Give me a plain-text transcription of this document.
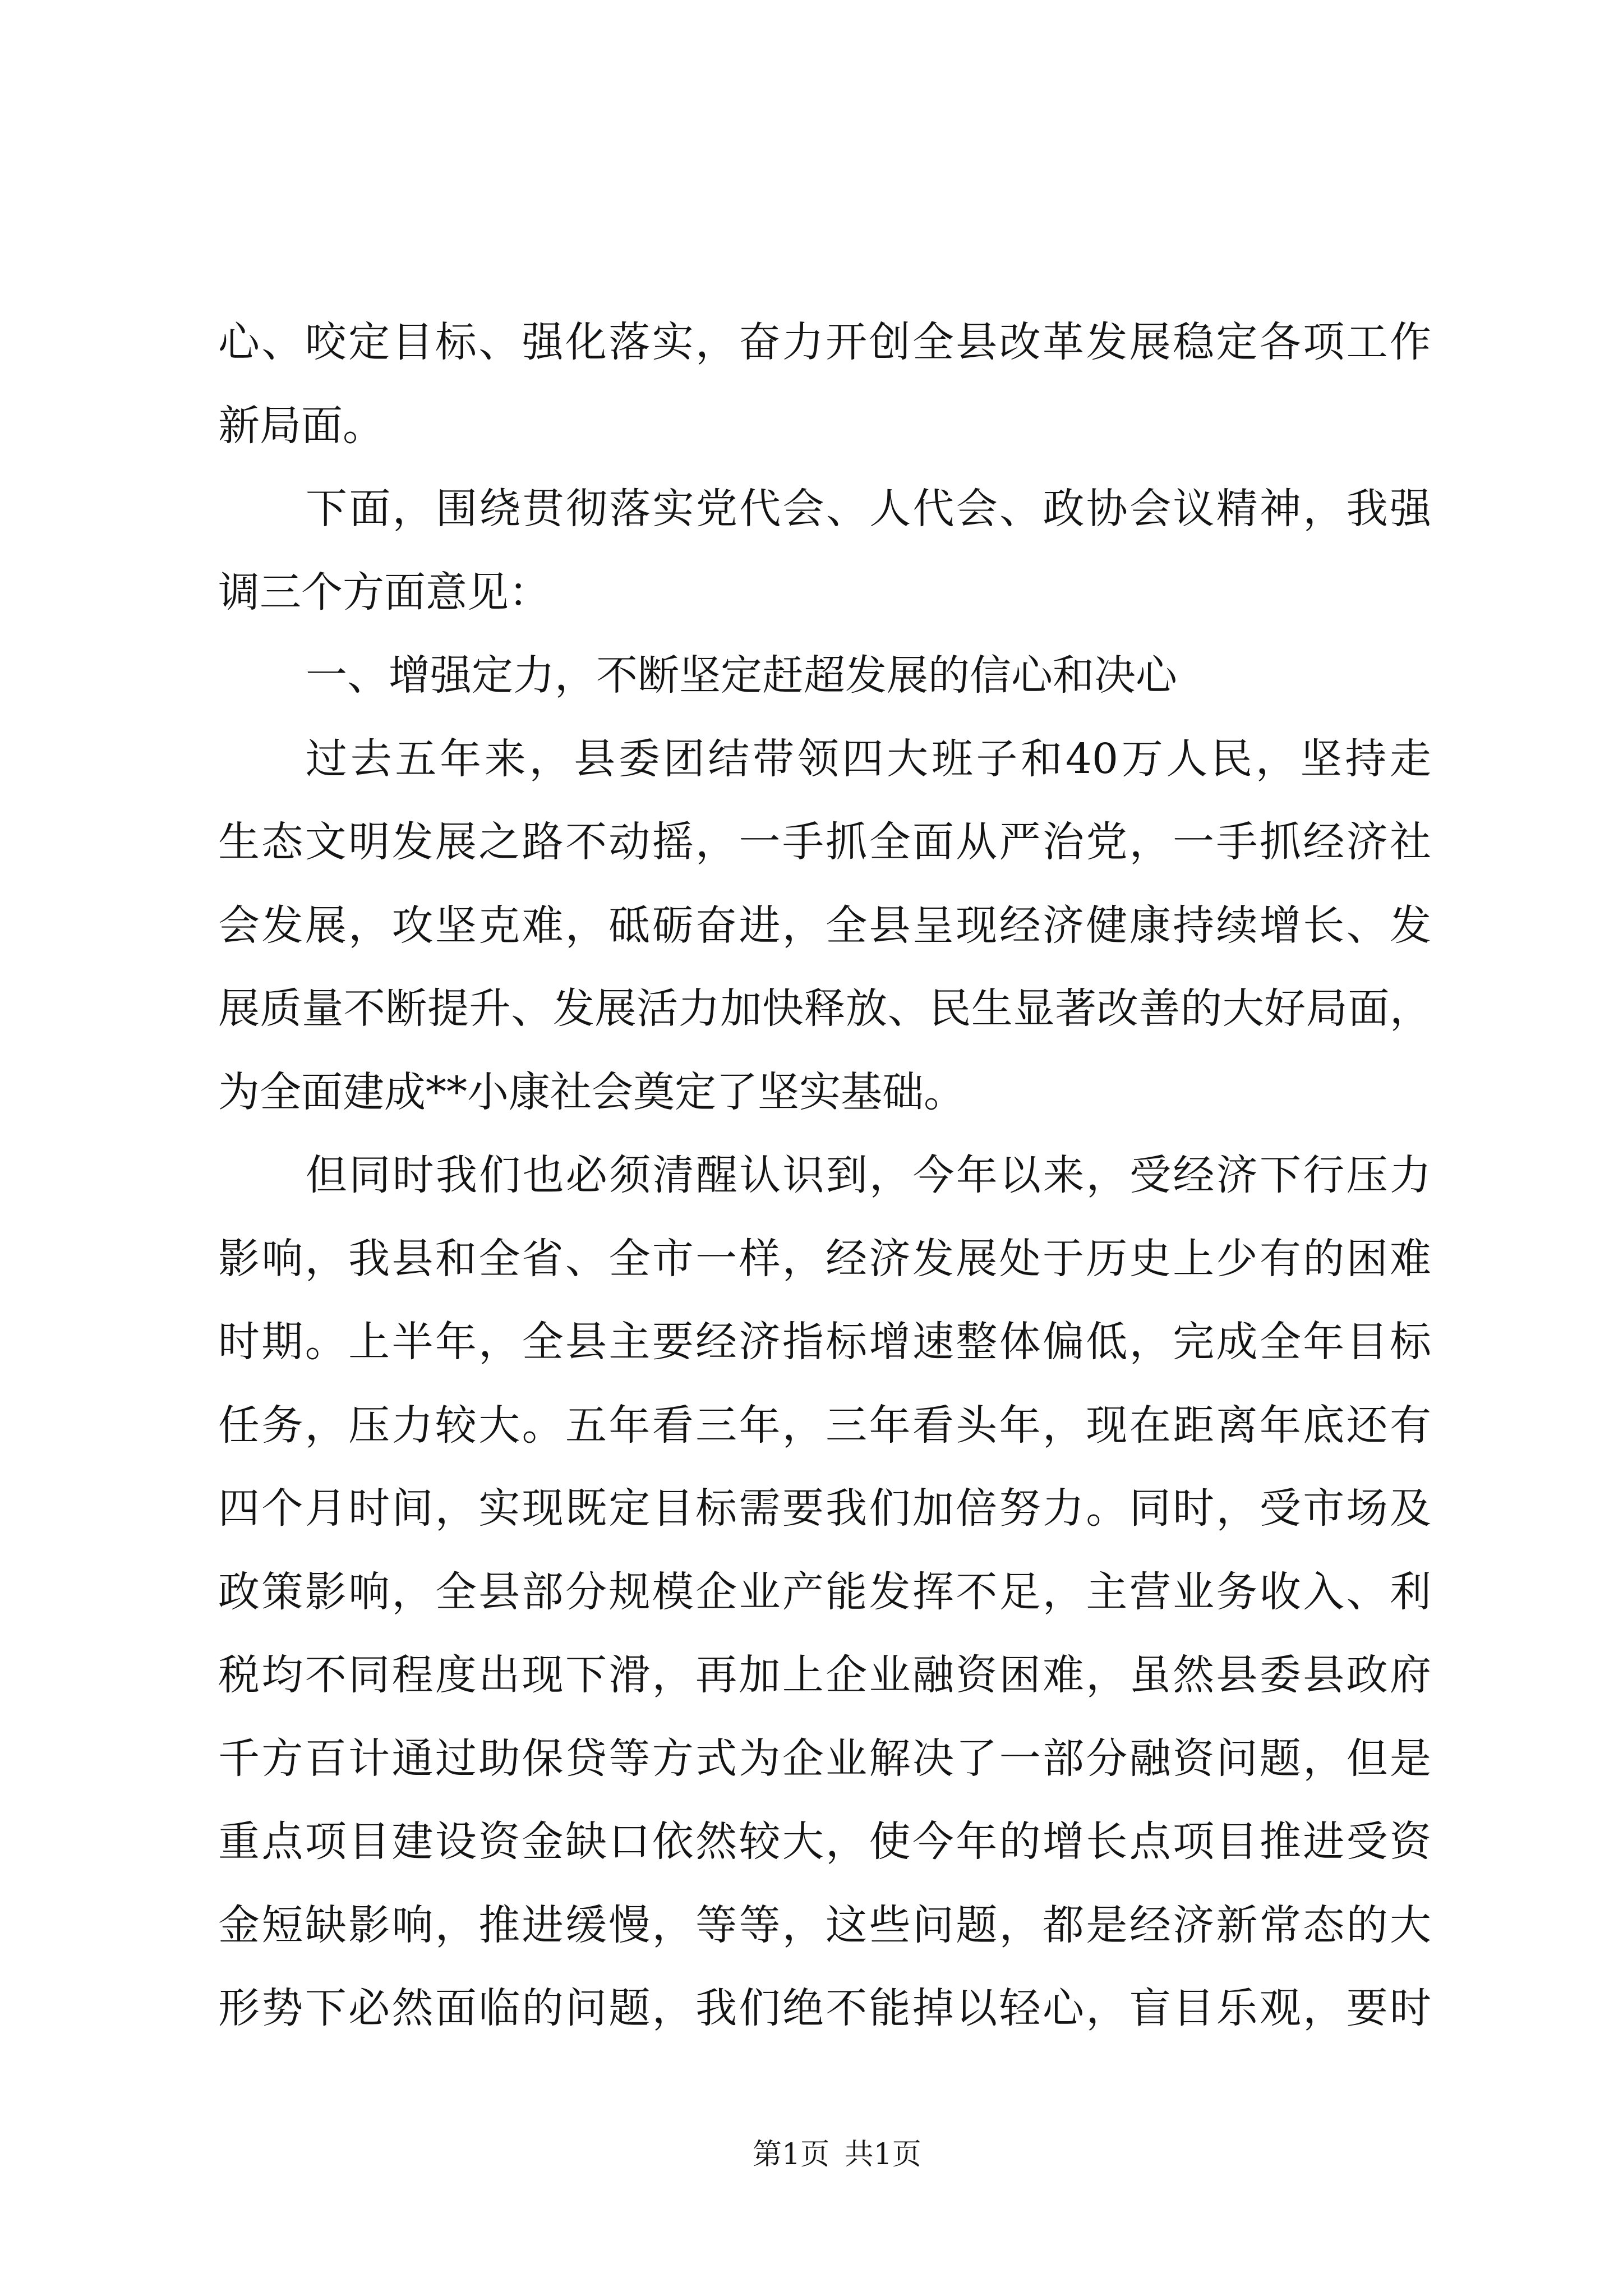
心、咬定目标、强化落实，奋力开创全县改革发展稳定各项工作
新局面。
下面，围绕贯彻落实党代会、人代会、政协会议精神，我强
调三个方面意见：
一、增强定力，不断坚定赶超发展的信心和决心
过去五年来，县委团结带领四大班子和40万人民，坚持走
生态文明发展之路不动摇，一手抓全面从严治党，一手抓经济社
会发展，攻坚克难，砥砺奋进，全县呈现经济健康持续增长、发
展质量不断提升、发展活力加快释放、民生显著改善的大好局面，
为全面建成**小康社会奠定了坚实基础。
但同时我们也必须清醒认识到，今年以来，受经济下行压力
影响，我县和全省、全市一样，经济发展处于历史上少有的困难
时期。上半年，全县主要经济指标增速整体偏低，完成全年目标
任务，压力较大。五年看三年，三年看头年，现在距离年底还有
四个月时间，实现既定目标需要我们加倍努力。同时，受市场及
政策影响，全县部分规模企业产能发挥不足，主营业务收入、利
税均不同程度出现下滑，再加上企业融资困难，虽然县委县政府
千方百计通过助保贷等方式为企业解决了一部分融资问题，但是
重点项目建设资金缺口依然较大，使今年的增长点项目推进受资
金短缺影响，推进缓慢，等等，这些问题，都是经济新常态的大
形势下必然面临的问题，我们绝不能掉以轻心，盲目乐观，要时
第1页 共1页
